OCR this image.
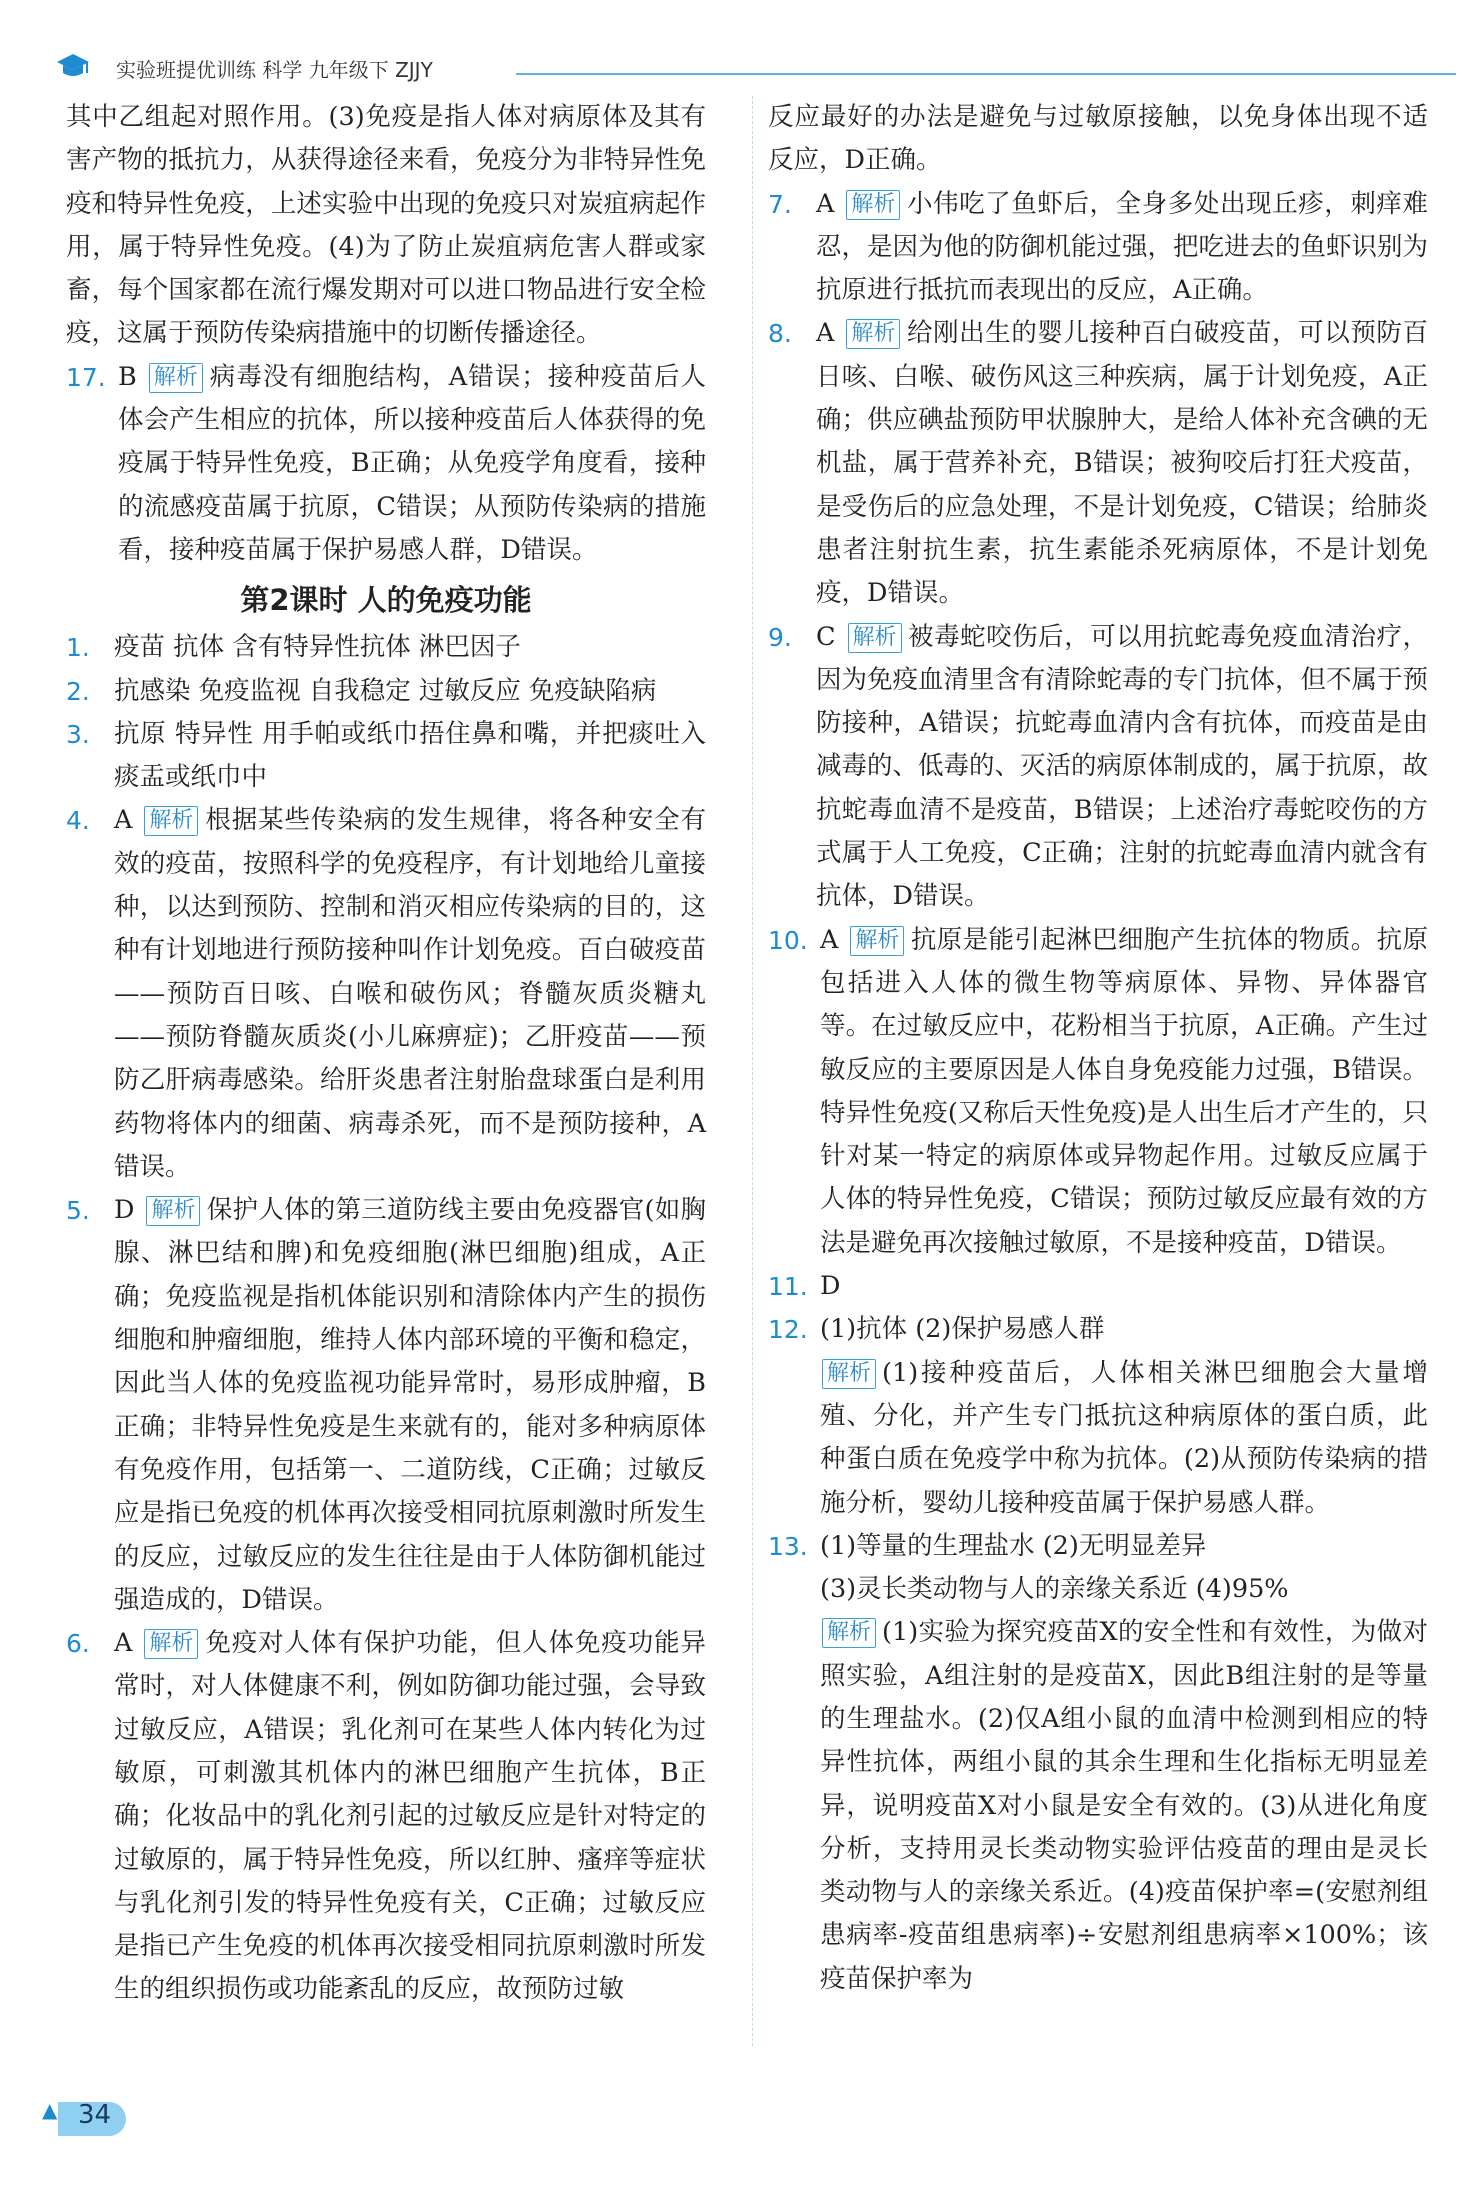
实验班提优训练 科学 九年级下 ZJJY

其中乙组起对照作用。(3)免疫是指人体对病原体及其有害产物的抵抗力，从获得途径来看，免疫分为非特异性免疫和特异性免疫，上述实验中出现的免疫只对炭疽病起作用，属于特异性免疫。(4)为了防止炭疽病危害人群或家畜，每个国家都在流行爆发期对可以进口物品进行安全检疫，这属于预防传染病措施中的切断传播途径。

17. B 解析 病毒没有细胞结构，A错误；接种疫苗后人体会产生相应的抗体，所以接种疫苗后人体获得的免疫属于特异性免疫，B正确；从免疫学角度看，接种的流感疫苗属于抗原，C错误；从预防传染病的措施看，接种疫苗属于保护易感人群，D错误。
第2课时 人的免疫功能
1. 疫苗 抗体 含有特异性抗体 淋巴因子
2. 抗感染 免疫监视 自我稳定 过敏反应 免疫缺陷病
3. 抗原 特异性 用手帕或纸巾捂住鼻和嘴，并把痰吐入痰盂或纸巾中
4. A 解析 根据某些传染病的发生规律，将各种安全有效的疫苗，按照科学的免疫程序，有计划地给儿童接种，以达到预防、控制和消灭相应传染病的目的，这种有计划地进行预防接种叫作计划免疫。百白破疫苗——预防百日咳、白喉和破伤风；脊髓灰质炎糖丸——预防脊髓灰质炎(小儿麻痹症)；乙肝疫苗——预防乙肝病毒感染。给肝炎患者注射胎盘球蛋白是利用药物将体内的细菌、病毒杀死，而不是预防接种，A错误。
5. D 解析 保护人体的第三道防线主要由免疫器官(如胸腺、淋巴结和脾)和免疫细胞(淋巴细胞)组成，A正确；免疫监视是指机体能识别和清除体内产生的损伤细胞和肿瘤细胞，维持人体内部环境的平衡和稳定，因此当人体的免疫监视功能异常时，易形成肿瘤，B正确；非特异性免疫是生来就有的，能对多种病原体有免疫作用，包括第一、二道防线，C正确；过敏反应是指已免疫的机体再次接受相同抗原刺激时所发生的反应，过敏反应的发生往往是由于人体防御机能过强造成的，D错误。
6. A 解析 免疫对人体有保护功能，但人体免疫功能异常时，对人体健康不利，例如防御功能过强，会导致过敏反应，A错误；乳化剂可在某些人体内转化为过敏原，可刺激其机体内的淋巴细胞产生抗体，B正确；化妆品中的乳化剂引起的过敏反应是针对特定的过敏原的，属于特异性免疫，所以红肿、瘙痒等症状与乳化剂引发的特异性免疫有关，C正确；过敏反应是指已产生免疫的机体再次接受相同抗原刺激时所发生的组织损伤或功能紊乱的反应，故预防过敏

反应最好的办法是避免与过敏原接触，以免身体出现不适反应，D正确。

7. A 解析 小伟吃了鱼虾后，全身多处出现丘疹，刺痒难忍，是因为他的防御机能过强，把吃进去的鱼虾识别为抗原进行抵抗而表现出的反应，A正确。
8. A 解析 给刚出生的婴儿接种百白破疫苗，可以预防百日咳、白喉、破伤风这三种疾病，属于计划免疫，A正确；供应碘盐预防甲状腺肿大，是给人体补充含碘的无机盐，属于营养补充，B错误；被狗咬后打狂犬疫苗，是受伤后的应急处理，不是计划免疫，C错误；给肺炎患者注射抗生素，抗生素能杀死病原体，不是计划免疫，D错误。
9. C 解析 被毒蛇咬伤后，可以用抗蛇毒免疫血清治疗，因为免疫血清里含有清除蛇毒的专门抗体，但不属于预防接种，A错误；抗蛇毒血清内含有抗体，而疫苗是由减毒的、低毒的、灭活的病原体制成的，属于抗原，故抗蛇毒血清不是疫苗，B错误；上述治疗毒蛇咬伤的方式属于人工免疫，C正确；注射的抗蛇毒血清内就含有抗体，D错误。
10. A 解析 抗原是能引起淋巴细胞产生抗体的物质。抗原包括进入人体的微生物等病原体、异物、异体器官等。在过敏反应中，花粉相当于抗原，A正确。产生过敏反应的主要原因是人体自身免疫能力过强，B错误。特异性免疫(又称后天性免疫)是人出生后才产生的，只针对某一特定的病原体或异物起作用。过敏反应属于人体的特异性免疫，C错误；预防过敏反应最有效的方法是避免再次接触过敏原，不是接种疫苗，D错误。
11. D
12. (1)抗体 (2)保护易感人群
解析 (1)接种疫苗后，人体相关淋巴细胞会大量增殖、分化，并产生专门抵抗这种病原体的蛋白质，此种蛋白质在免疫学中称为抗体。(2)从预防传染病的措施分析，婴幼儿接种疫苗属于保护易感人群。
13. (1)等量的生理盐水 (2)无明显差异
(3)灵长类动物与人的亲缘关系近 (4)95%
解析 (1)实验为探究疫苗X的安全性和有效性，为做对照实验，A组注射的是疫苗X，因此B组注射的是等量的生理盐水。(2)仅A组小鼠的血清中检测到相应的特异性抗体，两组小鼠的其余生理和生化指标无明显差异，说明疫苗X对小鼠是安全有效的。(3)从进化角度分析，支持用灵长类动物实验评估疫苗的理由是灵长类动物与人的亲缘关系近。(4)疫苗保护率=(安慰剂组患病率-疫苗组患病率)÷安慰剂组患病率×100%；该疫苗保护率为
▲ 34
